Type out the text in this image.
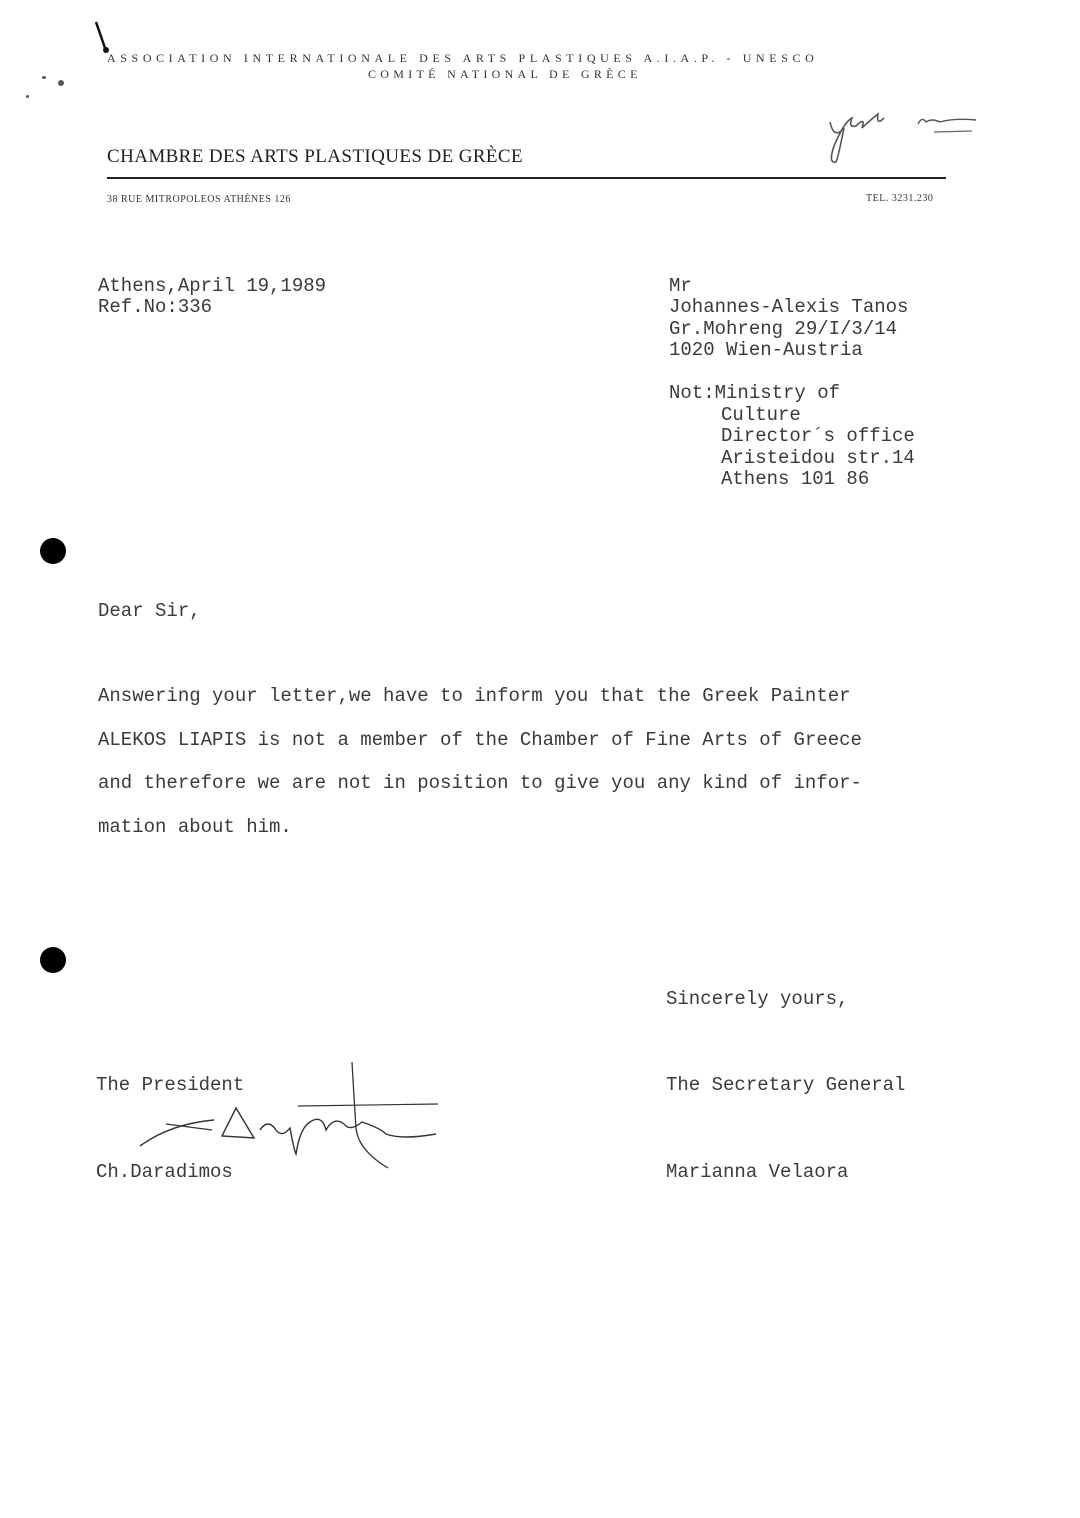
ASSOCIATION INTERNATIONALE DES ARTS PLASTIQUES A.I.A.P. - UNESCO
COMITÉ NATIONAL DE GRÈCE
CHAMBRE DES ARTS PLASTIQUES DE GRÈCE
38 RUE MITROPOLEOS ATHÈNES 126	TEL. 3231.230
Athens,April 19,1989
Ref.No:336
Mr
Johannes-Alexis Tanos
Gr.Mohreng 29/I/3/14
1020 Wien-Austria
Not:Ministry of
Culture
Director´s office
Aristeidou str.14
Athens 101 86
Dear Sir,
Answering your letter,we have to inform you that the Greek Painter
ALEKOS LIAPIS is not a member of the Chamber of Fine Arts of Greece
and therefore we are not in position to give you any kind of infor-
mation about him.
Sincerely yours,
The President	The Secretary General
Ch.Daradimos	Marianna Velaora
